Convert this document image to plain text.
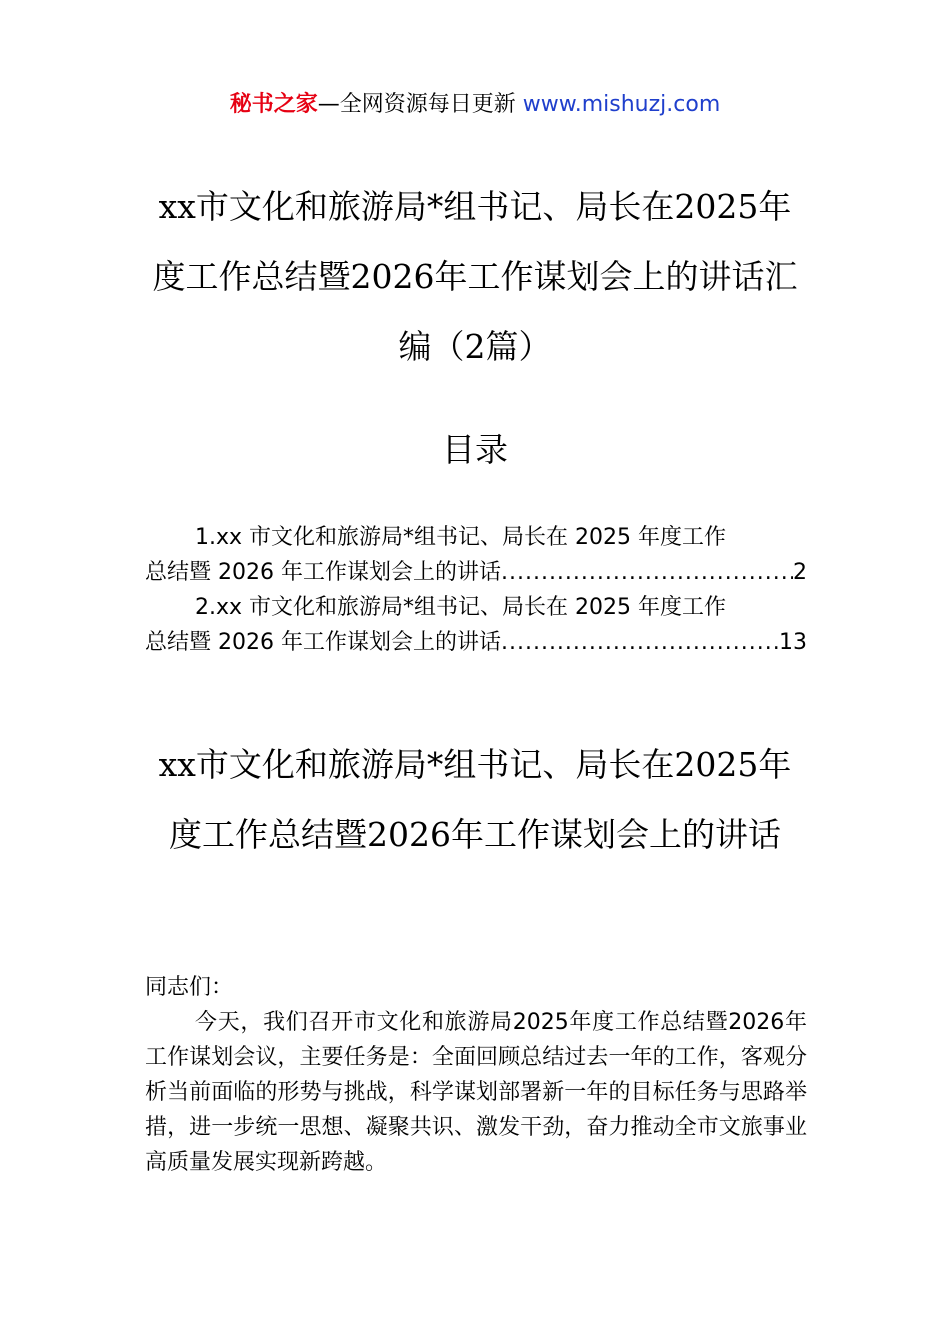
秘书之家—全网资源每日更新 www.mishuzj.com
xx市文化和旅游局*组书记、局长在2025年度工作总结暨2026年工作谋划会上的讲话汇编（2篇）
目录
1.xx 市文化和旅游局*组书记、局长在 2025 年度工作
总结暨 2026 年工作谋划会上的讲话 .....	2
2.xx 市文化和旅游局*组书记、局长在 2025 年度工作
总结暨 2026 年工作谋划会上的讲话 .....	13
xx市文化和旅游局*组书记、局长在2025年度工作总结暨2026年工作谋划会上的讲话

同志们：

今天，我们召开市文化和旅游局2025年度工作总结暨2026年工作谋划会议，主要任务是：全面回顾总结过去一年的工作，客观分析当前面临的形势与挑战，科学谋划部署新一年的目标任务与思路举措，进一步统一思想、凝聚共识、激发干劲，奋力推动全市文旅事业高质量发展实现新跨越。
